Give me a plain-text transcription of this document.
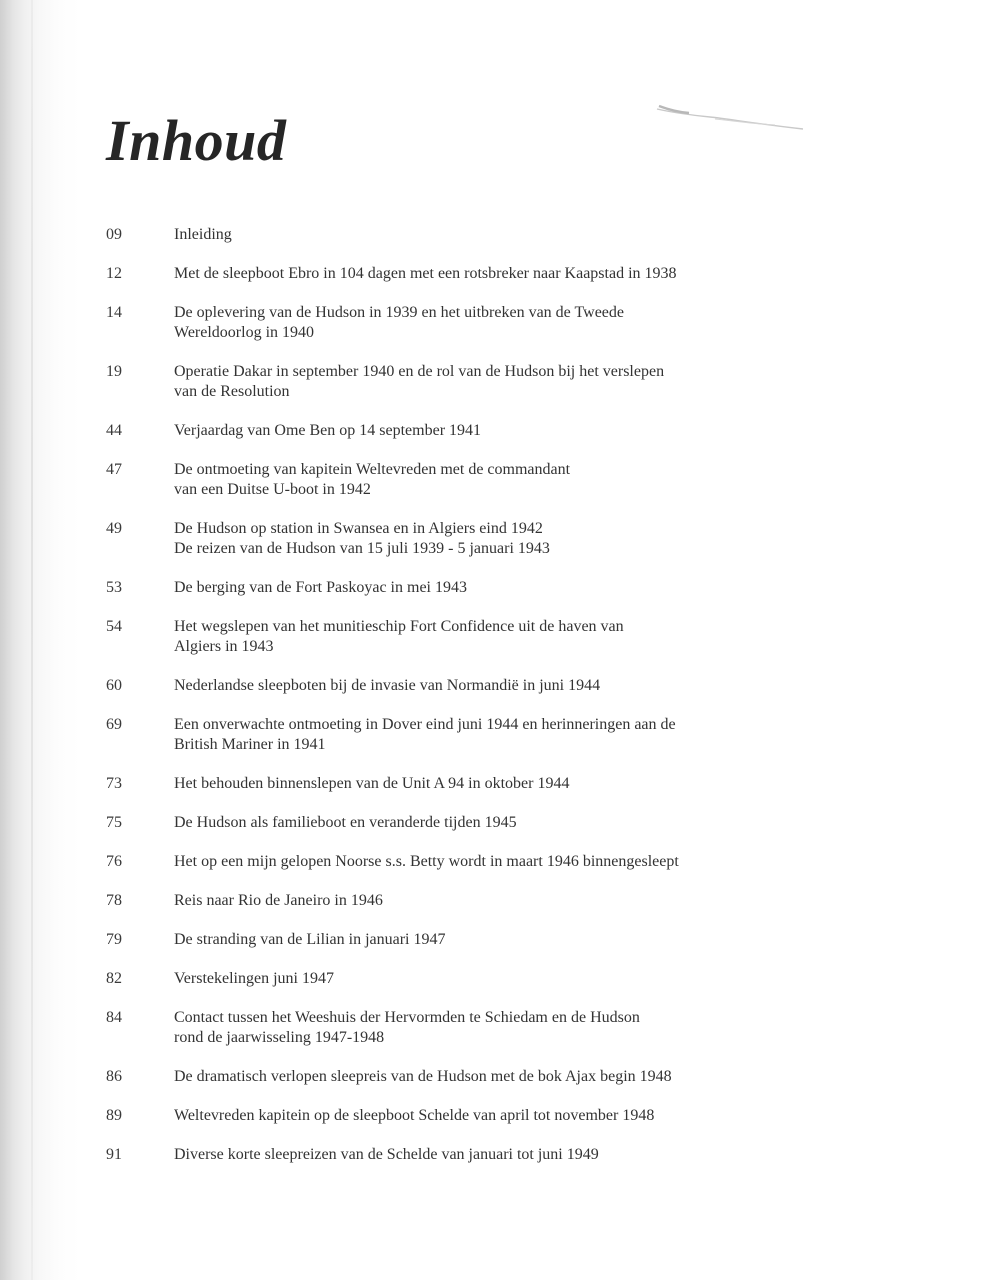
Inhoud
09	Inleiding
12	Met de sleepboot Ebro in 104 dagen met een rotsbreker naar Kaapstad in 1938
14	De oplevering van de Hudson in 1939 en het uitbreken van de Tweede
Wereldoorlog in 1940
19	Operatie Dakar in september 1940 en de rol van de Hudson bij het verslepen
van de Resolution
44	Verjaardag van Ome Ben op 14 september 1941
47	De ontmoeting van kapitein Weltevreden met de commandant
van een Duitse U-boot in 1942
49	De Hudson op station in Swansea en in Algiers eind 1942
De reizen van de Hudson van 15 juli 1939 - 5 januari 1943
53	De berging van de Fort Paskoyac in mei 1943
54	Het wegslepen van het munitieschip Fort Confidence uit de haven van
Algiers in 1943
60	Nederlandse sleepboten bij de invasie van Normandië in juni 1944
69	Een onverwachte ontmoeting in Dover eind juni 1944 en herinneringen aan de
British Mariner in 1941
73	Het behouden binnenslepen van de Unit A 94 in oktober 1944
75	De Hudson als familieboot en veranderde tijden 1945
76	Het op een mijn gelopen Noorse s.s. Betty wordt in maart 1946 binnengesleept
78	Reis naar Rio de Janeiro in 1946
79	De stranding van de Lilian in januari 1947
82	Verstekelingen juni 1947
84	Contact tussen het Weeshuis der Hervormden te Schiedam en de Hudson
rond de jaarwisseling 1947-1948
86	De dramatisch verlopen sleepreis van de Hudson met de bok Ajax begin 1948
89	Weltevreden kapitein op de sleepboot Schelde van april tot november 1948
91	Diverse korte sleepreizen van de Schelde van januari tot juni 1949
